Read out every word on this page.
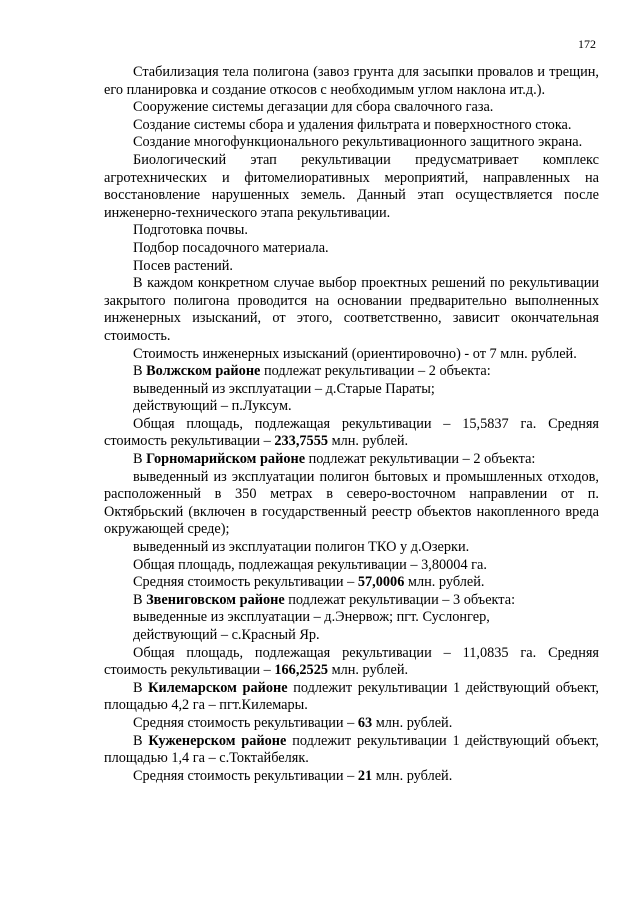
172

Стабилизация тела полигона (завоз грунта для засыпки провалов и трещин, его планировка и создание откосов с необходимым углом наклона ит.д.).

Сооружение системы дегазации для сбора свалочного газа.

Создание системы сбора и удаления фильтрата и поверхностного стока.

Создание многофункционального рекультивационного защитного экрана.

Биологический этап рекультивации предусматривает комплекс агротехнических и фитомелиоративных мероприятий, направленных на восстановление нарушенных земель. Данный этап осуществляется после инженерно-технического этапа рекультивации.

Подготовка почвы.

Подбор посадочного материала.

Посев растений.

В каждом конкретном случае выбор проектных решений по рекультивации закрытого полигона проводится на основании предварительно выполненных инженерных изысканий, от этого, соответственно, зависит окончательная стоимость.

Стоимость инженерных изысканий (ориентировочно) - от 7 млн. рублей.

В Волжском районе подлежат рекультивации – 2 объекта:

выведенный из эксплуатации – д.Старые Параты;

действующий – п.Луксум.

Общая площадь, подлежащая рекультивации – 15,5837 га. Средняя стоимость рекультивации – 233,7555 млн. рублей.

В Горномарийском районе подлежат рекультивации – 2 объекта:

выведенный из эксплуатации полигон бытовых и промышленных отходов, расположенный в 350 метрах в северо-восточном направлении от п. Октябрьский (включен в государственный реестр объектов накопленного вреда окружающей среде);

выведенный из эксплуатации полигон ТКО у д.Озерки.

Общая площадь, подлежащая рекультивации – 3,80004 га.

Средняя стоимость рекультивации – 57,0006 млн. рублей.

В Звениговском районе подлежат рекультивации – 3 объекта:

выведенные из эксплуатации – д.Энервож; пгт. Суслонгер,

действующий – с.Красный Яр.

Общая площадь, подлежащая рекультивации – 11,0835 га. Средняя стоимость рекультивации – 166,2525 млн. рублей.

В Килемарском районе подлежит рекультивации 1 действующий объект, площадью 4,2 га – пгт.Килемары.

Средняя стоимость рекультивации – 63 млн. рублей.

В Куженерском районе подлежит рекультивации 1 действующий объект, площадью 1,4 га – с.Токтайбеляк.

Средняя стоимость рекультивации – 21 млн. рублей.
